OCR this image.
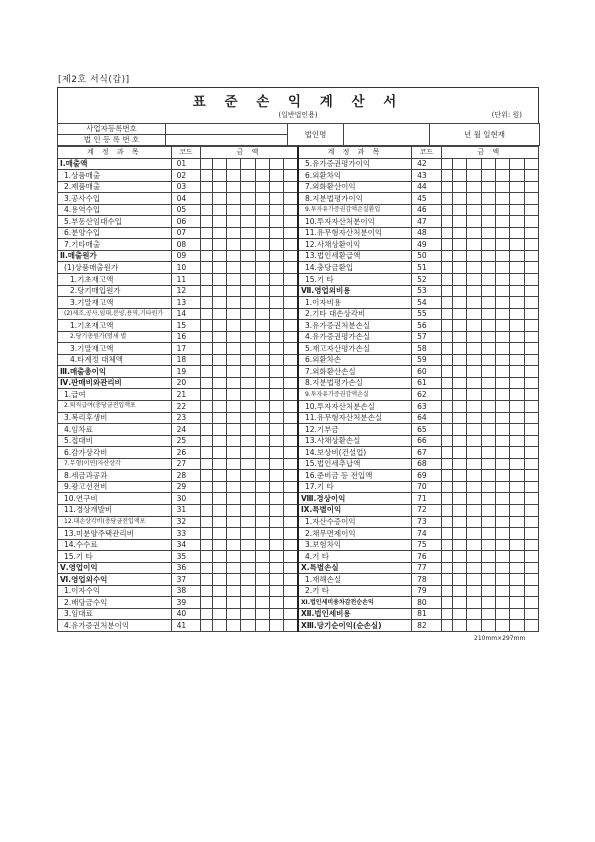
[제2호 서식(갑)]
표 준 손 익 계 산 서
(일반법인용)	(단위: 원)
사업자등록번호		법인명		년 월 일현재
법 인 등 록 번 호				
계 정 과 목	코드	금 액							계 정 과 목	코드	금 액						
Ⅰ.매출액	01								5.유가증권평가이익	42							
1.상품매출	02								6.외환차익	43							
2.제품매출	03								7.외화환산이익	44							
3.공사수입	04								8.지분법평가이익	45							
4.용역수입	05								9.투자유가증권감액손실환입	46							
5.부동산임대수입	06								10.투자자산처분이익	47							
6.분양수입	07								11.유무형자산처분이익	48							
7.기타매출	08								12.사채상환이익	49							
Ⅱ.매출원가	09								13.법인세환급액	50							
(1)상품매출원가	10								14.충당금환입	51							
1.기초재고액	11								15.기 타	52							
2.당기매입원가	12								Ⅶ.영업외비용	53							
3.기말재고액	13								1.이자비용	54							
(2)제조,공사,임대,분양,용역,기타원가	14								2.기타 대손상각비	55							
1.기초재고액	15								3.유가증권처분손실	56							
2.당기총원가(명세 별	16								4.유가증권평가손실	57							
3.기말재고액	17								5.재고자산평가손실	58							
4.타계정 대체액	18								6.외환차손	59							
Ⅲ.매출총이익	19								7.외화환산손실	60							
Ⅳ.판매비와관리비	20								8.지분법평가손실	61							
1.급여	21								9.투자유가증권감액손실	62							
2.퇴직급여(충당금전입액포	22								10.투자자산처분손실	63							
3.복리후생비	23								11.유무형자산처분손실	64							
4.임차료	24								12.기부금	65							
5.접대비	25								13.사채상환손실	66							
6.감가상각비	26								14.보상비(건설업)	67							
7.무형(이연)자산상각	27								15.법인세추납액	68							
8.세금과공과	28								16.준비금 등 전입액	69							
9.광고선전비	29								17.기 타	70							
10.연구비	30								Ⅷ.경상이익	71							
11.경상개발비	31								Ⅸ.특별이익	72							
12.대손상각비(충당금전입액포	32								1.자산수증이익	73							
13.미분양주택관리비	33								2.채무면제이익	74							
14.수수료	34								3.보험차익	75							
15.기 타	35								4.기 타	76							
Ⅴ.영업이익	36								Ⅹ.특별손실	77							
Ⅵ.영업외수익	37								1.재해손실	78							
1.이자수익	38								2.기 타	79							
2.배당금수익	39								Ⅺ.법인세비용차감전순손익	80							
3.임대료	40								Ⅻ.법인세비용	81							
4.유가증권처분이익	41								XⅢ.당기순이익(순손실)	82							
210mm×297mm
